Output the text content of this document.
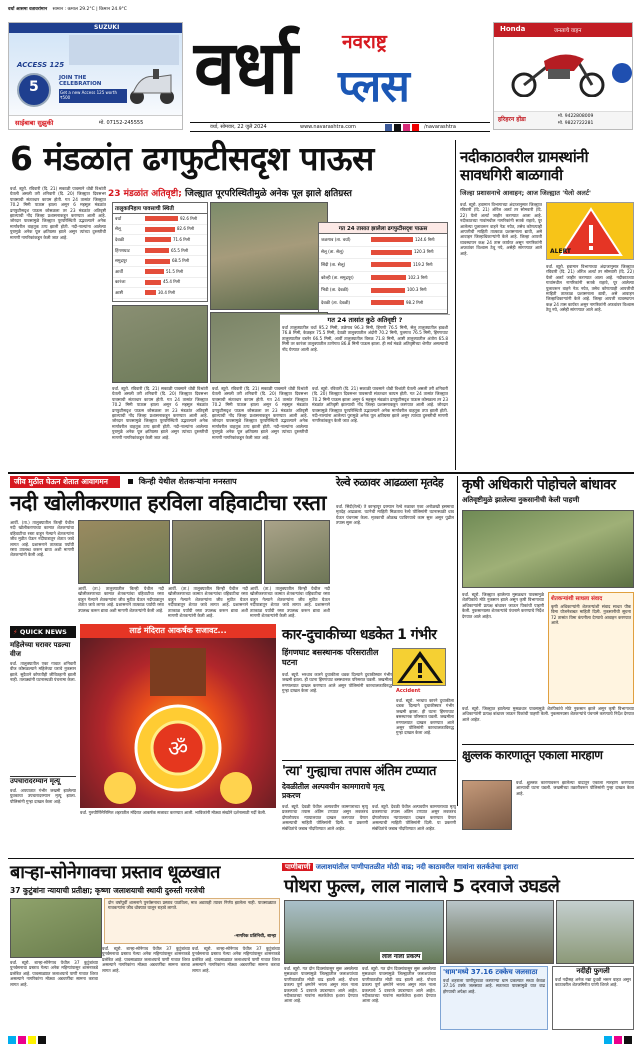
वर्धा आसमा वतावरांमान सामान : कमाल 29.2°C | किमान 24.9°C
SUZUKI
ACCESS 125
5
JOIN THE CELEBRATION
Get a new Access 125 worth ₹500
साईबाबा सुझुकी	मो. 07152-245555
वर्धा नवराष्ट्र
प्लस
Honda	जनताचे वाहन
हरिहरन होंडा	मो. 9422808009
मो. 9822722281
वर्धा, सोमवार, 22 जुलै 2024	www.navarashtra.com	/navarashtra
6 मंडळांत ढगफुटीसदृश पाऊस
23 मंडळांत अतिवृष्टी; जिल्ह्यात पूरपरिस्थितीमुळे अनेक पूल झाले क्षतिग्रस्त
वर्धा. ब्यूरो. रविवारी (दि. 21) सकाळी पावसाने थोडी विश्रांती घेतली असली तरी शनिवारी (दि. 20) जिल्ह्यात दिवसभर पावसाची संततधार कायम होती. गत 24 तासांत जिल्ह्यात 70.2 मिमी पाऊस झाला असून 6 महसूल मंडळांत ढगफुटीसदृश पाऊस कोसळला तर 23 मंडळांत अतिवृष्टी झाल्याची नोंद जिल्हा प्रशासनाकडून करण्यात आली आहे. जोरदार पावसामुळे जिल्ह्यात पूरपरिस्थिती उद्भवल्याने अनेक मार्गावरील वाहतूक ठप्प झाली होती. नदी-नाल्यांना आलेल्या पुरामुळे अनेक पूल क्षतिग्रस्त झाले असून त्यांच्या दुरुस्तीची मागणी नागरिकांकडून केली जात आहे.
तालुकानिहाय पावसाची स्थिती
वर्धा	92.6 मिमी
सेलू	82.6 मिमी
देवळी	71.6 मिमी
हिंगणघाट	65.5 मिमी
समुद्रपूर	68.5 मिमी
आर्वी	51.5 मिमी
कारंजा	45.4 मिमी
आष्टी	30.4 मिमी
गत 24 तासात झालेला ढगफुटीसदृश पाऊस
जळगाव (ता. वर्धा)	124.6 मिमी
सेलू (ता. सेलू)	120.3 मिमी
सिंदी (ता. सेलू)	119.2 मिमी
कोल्ही (ता. समुद्रपूर)	102.3 मिमी
भिडी (ता. देवळी)	100.3 मिमी
देवळी (ता. देवळी)	98.2 मिमी
गत 24 तासांत कुठे अतिवृष्टी ?
वर्धा तालुक्यातील वर्धा 95.2 मिमी, तळेगाव 96.3 मिमी, हिंगणी 76.5 मिमी, सेलू तालुक्यातील झडशी 76.8 मिमी, केळझर 75.5 मिमी, देवळी तालुक्यातील अंदोरी 70.2 मिमी, पुलगाव 76.5 मिमी, हिंगणघाट तालुक्यातील वडनेर 66.5 मिमी, आर्वी तालुक्यातील विरुळ 71.8 मिमी, आष्टी तालुक्यातील अंतोरा 65.8 मिमी तर कारंजा तालुक्यातील ठाणेगाव 86.8 मिमी पाऊस झाला. ही सर्व मंडळे अतिवृष्टीच्या श्रेणीत असल्याची नोंद घेण्यात आली आहे.
वर्धा. ब्यूरो. रविवारी (दि. 21) सकाळी पावसाने थोडी विश्रांती घेतली असली तरी शनिवारी (दि. 20) जिल्ह्यात दिवसभर पावसाची संततधार कायम होती. गत 24 तासांत जिल्ह्यात 70.2 मिमी पाऊस झाला असून 6 महसूल मंडळांत ढगफुटीसदृश पाऊस कोसळला तर 23 मंडळांत अतिवृष्टी झाल्याची नोंद जिल्हा प्रशासनाकडून करण्यात आली आहे. जोरदार पावसामुळे जिल्ह्यात पूरपरिस्थिती उद्भवल्याने अनेक मार्गावरील वाहतूक ठप्प झाली होती. नदी-नाल्यांना आलेल्या पुरामुळे अनेक पूल क्षतिग्रस्त झाले असून त्यांच्या दुरुस्तीची मागणी नागरिकांकडून केली जात आहे.
वर्धा. ब्यूरो. रविवारी (दि. 21) सकाळी पावसाने थोडी विश्रांती घेतली असली तरी शनिवारी (दि. 20) जिल्ह्यात दिवसभर पावसाची संततधार कायम होती. गत 24 तासांत जिल्ह्यात 70.2 मिमी पाऊस झाला असून 6 महसूल मंडळांत ढगफुटीसदृश पाऊस कोसळला तर 23 मंडळांत अतिवृष्टी झाल्याची नोंद जिल्हा प्रशासनाकडून करण्यात आली आहे. जोरदार पावसामुळे जिल्ह्यात पूरपरिस्थिती उद्भवल्याने अनेक मार्गावरील वाहतूक ठप्प झाली होती. नदी-नाल्यांना आलेल्या पुरामुळे अनेक पूल क्षतिग्रस्त झाले असून त्यांच्या दुरुस्तीची मागणी नागरिकांकडून केली जात आहे.
वर्धा. ब्यूरो. रविवारी (दि. 21) सकाळी पावसाने थोडी विश्रांती घेतली असली तरी शनिवारी (दि. 20) जिल्ह्यात दिवसभर पावसाची संततधार कायम होती. गत 24 तासांत जिल्ह्यात 70.2 मिमी पाऊस झाला असून 6 महसूल मंडळांत ढगफुटीसदृश पाऊस कोसळला तर 23 मंडळांत अतिवृष्टी झाल्याची नोंद जिल्हा प्रशासनाकडून करण्यात आली आहे. जोरदार पावसामुळे जिल्ह्यात पूरपरिस्थिती उद्भवल्याने अनेक मार्गावरील वाहतूक ठप्प झाली होती. नदी-नाल्यांना आलेल्या पुरामुळे अनेक पूल क्षतिग्रस्त झाले असून त्यांच्या दुरुस्तीची मागणी नागरिकांकडून केली जात आहे.
नदीकाठावरील ग्रामस्थांनी सावधगिरी बाळगावी
जिल्हा प्रशासनाचे आवाहन; आज जिल्ह्यात 'येलो अलर्ट'
वर्धा. ब्यूरो. हवामान विभागाच्या अंदाजानुसार जिल्ह्यात रविवारी (दि. 21) ऑरेंज अलर्ट तर सोमवारी (दि. 22) येलो अलर्ट जाहीर करण्यात आला आहे. नदीकाठच्या गावांमधील नागरिकांनी सतर्क राहावे, पूर आलेल्या पुलावरून वाहने नेऊ नयेत, तसेच कोणत्याही आपत्तीची माहिती तात्काळ प्रशासनाला द्यावी, असे आवाहन जिल्हाधिकाऱ्यांनी केले आहे. जिल्हा आपत्ती व्यवस्थापन कक्ष 24 तास कार्यरत असून नागरिकांनी अफवांवर विश्वास ठेवू नये, असेही सांगण्यात आले आहे.	ALERT
वर्धा. ब्यूरो. हवामान विभागाच्या अंदाजानुसार जिल्ह्यात रविवारी (दि. 21) ऑरेंज अलर्ट तर सोमवारी (दि. 22) येलो अलर्ट जाहीर करण्यात आला आहे. नदीकाठच्या गावांमधील नागरिकांनी सतर्क राहावे, पूर आलेल्या पुलावरून वाहने नेऊ नयेत, तसेच कोणत्याही आपत्तीची माहिती तात्काळ प्रशासनाला द्यावी, असे आवाहन जिल्हाधिकाऱ्यांनी केले आहे. जिल्हा आपत्ती व्यवस्थापन कक्ष 24 तास कार्यरत असून नागरिकांनी अफवांवर विश्वास ठेवू नये, असेही सांगण्यात आले आहे.
जीव मुठीत घेऊन शेतात आवागमन	किन्ही येथील शेतकऱ्यांना मनस्ताप
नदी खोलीकरणात हरविला वहिवाटीचा रस्ता
आर्वी. (ता.) तालुक्यातील किन्ही येथील नदी खोलीकरणाच्या कामात शेतकऱ्यांचा वहिवाटीचा रस्ता वाहून गेल्याने शेतकऱ्यांना जीव मुठीत घेऊन नदीपात्रातून शेतात जावे लागत आहे. प्रशासनाने तात्काळ पर्यायी रस्ता उपलब्ध करून द्यावा अशी मागणी शेतकऱ्यांनी केली आहे.
आर्वी. (ता.) तालुक्यातील किन्ही येथील नदी खोलीकरणाच्या कामात शेतकऱ्यांचा वहिवाटीचा रस्ता वाहून गेल्याने शेतकऱ्यांना जीव मुठीत घेऊन नदीपात्रातून शेतात जावे लागत आहे. प्रशासनाने तात्काळ पर्यायी रस्ता उपलब्ध करून द्यावा अशी मागणी शेतकऱ्यांनी केली आहे.
आर्वी. (ता.) तालुक्यातील किन्ही येथील नदी खोलीकरणाच्या कामात शेतकऱ्यांचा वहिवाटीचा रस्ता वाहून गेल्याने शेतकऱ्यांना जीव मुठीत घेऊन नदीपात्रातून शेतात जावे लागत आहे. प्रशासनाने तात्काळ पर्यायी रस्ता उपलब्ध करून द्यावा अशी मागणी शेतकऱ्यांनी केली आहे.
आर्वी. (ता.) तालुक्यातील किन्ही येथील नदी खोलीकरणाच्या कामात शेतकऱ्यांचा वहिवाटीचा रस्ता वाहून गेल्याने शेतकऱ्यांना जीव मुठीत घेऊन नदीपात्रातून शेतात जावे लागत आहे. प्रशासनाने तात्काळ पर्यायी रस्ता उपलब्ध करून द्यावा अशी मागणी शेतकऱ्यांनी केली आहे.
रेल्वे रुळावर आढळला मृतदेह
वर्धा. सिंदी(रेल्वे) ते कान्हापूर दरम्यान रेल्वे रुळावर एका अनोळखी इसमाचा मृतदेह आढळला. घटनेची माहिती मिळताच रेल्वे पोलिसांनी घटनास्थळी धाव घेऊन पंचनामा केला. मृतकाची ओळख पटविण्याचे काम सुरू असून पुढील तपास सुरू आहे.
कृषी अधिकारी पोहोचले बांधावर
अतिवृष्टीमुळे झालेल्या नुकसानीची केली पाहणी
वर्धा. ब्यूरो. जिल्ह्यात झालेल्या मुसळधार पावसामुळे शेतपिकांचे मोठे नुकसान झाले असून कृषी विभागाच्या अधिकाऱ्यांनी प्रत्यक्ष बांधावर जाऊन पिकांची पाहणी केली. नुकसानग्रस्त शेतकऱ्यांचे पंचनामे करण्याचे निर्देश देण्यात आले आहेत.
शेतकऱ्यांशी साधला संवाद
कृषी अधिकाऱ्यांनी शेतकऱ्यांशी संवाद साधत पीक विमा योजनेबाबत माहिती दिली. नुकसानीची सूचना 72 तासांत विमा कंपनीला देण्याचे आवाहन करण्यात आले.
वर्धा. ब्यूरो. जिल्ह्यात झालेल्या मुसळधार पावसामुळे शेतपिकांचे मोठे नुकसान झाले असून कृषी विभागाच्या अधिकाऱ्यांनी प्रत्यक्ष बांधावर जाऊन पिकांची पाहणी केली. नुकसानग्रस्त शेतकऱ्यांचे पंचनामे करण्याचे निर्देश देण्यात आले आहेत.
⚡ QUICK NEWS
महिलेच्या घरावर पडल्या वीज
वर्धा. तालुक्यातील एका गावात शनिवारी वीज कोसळल्याने महिलेच्या घराचे नुकसान झाले. सुदैवाने कोणतीही जीवितहानी झाली नाही. तलाठ्यांनी घटनास्थळी पंचनामा केला.
उपचारादरम्यान मृत्यू
वर्धा. अपघातात गंभीर जखमी झालेल्या युवकाचा उपचारादरम्यान मृत्यू झाला. पोलिसांनी गुन्हा दाखल केला आहे.
लाडं मंदिरात आकर्षक सजावट...
ॐ
वर्धा. गुरुपौर्णिमेनिमित्त शहरातील मंदिरात आकर्षक सजावट करण्यात आली. भाविकांनी मोठ्या संख्येने दर्शनासाठी गर्दी केली.
कार-दुचाकीच्या धडकेत 1 गंभीर
हिंगणघाट बसस्थानक परिसरातील घटना
Accident
वर्धा. ब्यूरो. भरधाव कारने दुचाकीला धडक दिल्याने दुचाकीस्वार गंभीर जखमी झाला. ही घटना हिंगणघाट बसस्थानक परिसरात घडली. जखमीला रुग्णालयात दाखल करण्यात आले असून पोलिसांनी कारचालकाविरुद्ध गुन्हा दाखल केला आहे.
वर्धा. ब्यूरो. भरधाव कारने दुचाकीला धडक दिल्याने दुचाकीस्वार गंभीर जखमी झाला. ही घटना हिंगणघाट बसस्थानक परिसरात घडली. जखमीला रुग्णालयात दाखल करण्यात आले असून पोलिसांनी कारचालकाविरुद्ध गुन्हा दाखल केला आहे.
'त्या' गुन्ह्याचा तपास अंतिम टप्प्यात
देवळीतील अल्पवयीन कामगाराचे मृत्यू प्रकरण
वर्धा. ब्यूरो. देवळी येथील अल्पवयीन कामगाराच्या मृत्यू प्रकरणाचा तपास अंतिम टप्प्यात असून लवकरच दोषारोपपत्र न्यायालयात दाखल करण्यात येणार असल्याची माहिती पोलिसांनी दिली. या प्रकरणी संबंधितांचे जबाब नोंदविण्यात आले आहेत.
वर्धा. ब्यूरो. देवळी येथील अल्पवयीन कामगाराच्या मृत्यू प्रकरणाचा तपास अंतिम टप्प्यात असून लवकरच दोषारोपपत्र न्यायालयात दाखल करण्यात येणार असल्याची माहिती पोलिसांनी दिली. या प्रकरणी संबंधितांचे जबाब नोंदविण्यात आले आहेत.
क्षुल्लक कारणातून एकाला मारहाण
वर्धा. क्षुल्लक कारणावरून झालेल्या वादातून एकाला मारहाण करण्यात आल्याची घटना घडली. जखमीच्या तक्रारीवरून पोलिसांनी गुन्हा दाखल केला आहे.
पाणीबाणी जलाशयांतील पाणीपातळीत मोठी वाढ; नदी काठावरील गावांना सतर्कतेचा इशारा
बाऱ्हा-सोनेगावचा प्रस्ताव धूळखात
37 कुटुंबांना न्यायाची प्रतीक्षा; कृष्णा जलाशयाची स्थायी दुरुस्ती गरजेची
दोन वर्षांपूर्वी शासनाने पुनर्वसनाचा प्रस्ताव पाठविला, मात्र अद्यापही त्यावर निर्णय झालेला नाही. पावसाळ्यात गावकऱ्यांना जीव धोक्यात घालून राहावे लागते.
-नागरिक प्रतिनिधी, बाऱ्हा
वर्धा. ब्यूरो. बाऱ्हा-सोनेगाव येथील 37 कुटुंबांच्या पुनर्वसनाचा प्रस्ताव गेल्या अनेक महिन्यांपासून शासनाकडे प्रलंबित आहे. पावसाळ्यात जलाशयाचे पाणी गावात शिरत असल्याने नागरिकांना मोठ्या अडचणींचा सामना करावा लागत आहे.
वर्धा. ब्यूरो. बाऱ्हा-सोनेगाव येथील 37 कुटुंबांच्या पुनर्वसनाचा प्रस्ताव गेल्या अनेक महिन्यांपासून शासनाकडे प्रलंबित आहे. पावसाळ्यात जलाशयाचे पाणी गावात शिरत असल्याने नागरिकांना मोठ्या अडचणींचा सामना करावा लागत आहे.
वर्धा. ब्यूरो. बाऱ्हा-सोनेगाव येथील 37 कुटुंबांच्या पुनर्वसनाचा प्रस्ताव गेल्या अनेक महिन्यांपासून शासनाकडे प्रलंबित आहे. पावसाळ्यात जलाशयाचे पाणी गावात शिरत असल्याने नागरिकांना मोठ्या अडचणींचा सामना करावा लागत आहे.
पोथरा फुल्ल, लाल नालाचे 5 दरवाजे उघडले
लाल नाला प्रकल्प
वर्धा. ब्यूरो. गत दोन दिवसांपासून सुरू असलेल्या मुसळधार पावसामुळे जिल्ह्यातील जलाशयांच्या पाणीपातळीत मोठी वाढ झाली आहे. पोथरा प्रकल्प पूर्ण क्षमतेने भरला असून लाल नाला प्रकल्पाचे 5 दरवाजे उघडण्यात आले आहेत. नदीकाठच्या गावांना सतर्कतेचा इशारा देण्यात आला आहे.
वर्धा. ब्यूरो. गत दोन दिवसांपासून सुरू असलेल्या मुसळधार पावसामुळे जिल्ह्यातील जलाशयांच्या पाणीपातळीत मोठी वाढ झाली आहे. पोथरा प्रकल्प पूर्ण क्षमतेने भरला असून लाल नाला प्रकल्पाचे 5 दरवाजे उघडण्यात आले आहेत. नदीकाठच्या गावांना सतर्कतेचा इशारा देण्यात आला आहे.
'धाम'मध्ये 37.16 टक्केच जलसाठा
वर्धा शहराला पाणीपुरवठा करणाऱ्या धाम प्रकल्पात सध्या केवळ 37.16 टक्के जलसाठा आहे. सततच्या पावसामुळे यात वाढ होण्याची अपेक्षा आहे.
नदीही फुगली
वर्धा नदीसह अनेक नद्या दुथडी भरून वाहत असून काठावरील शेतजमिनीत पाणी शिरले आहे.
